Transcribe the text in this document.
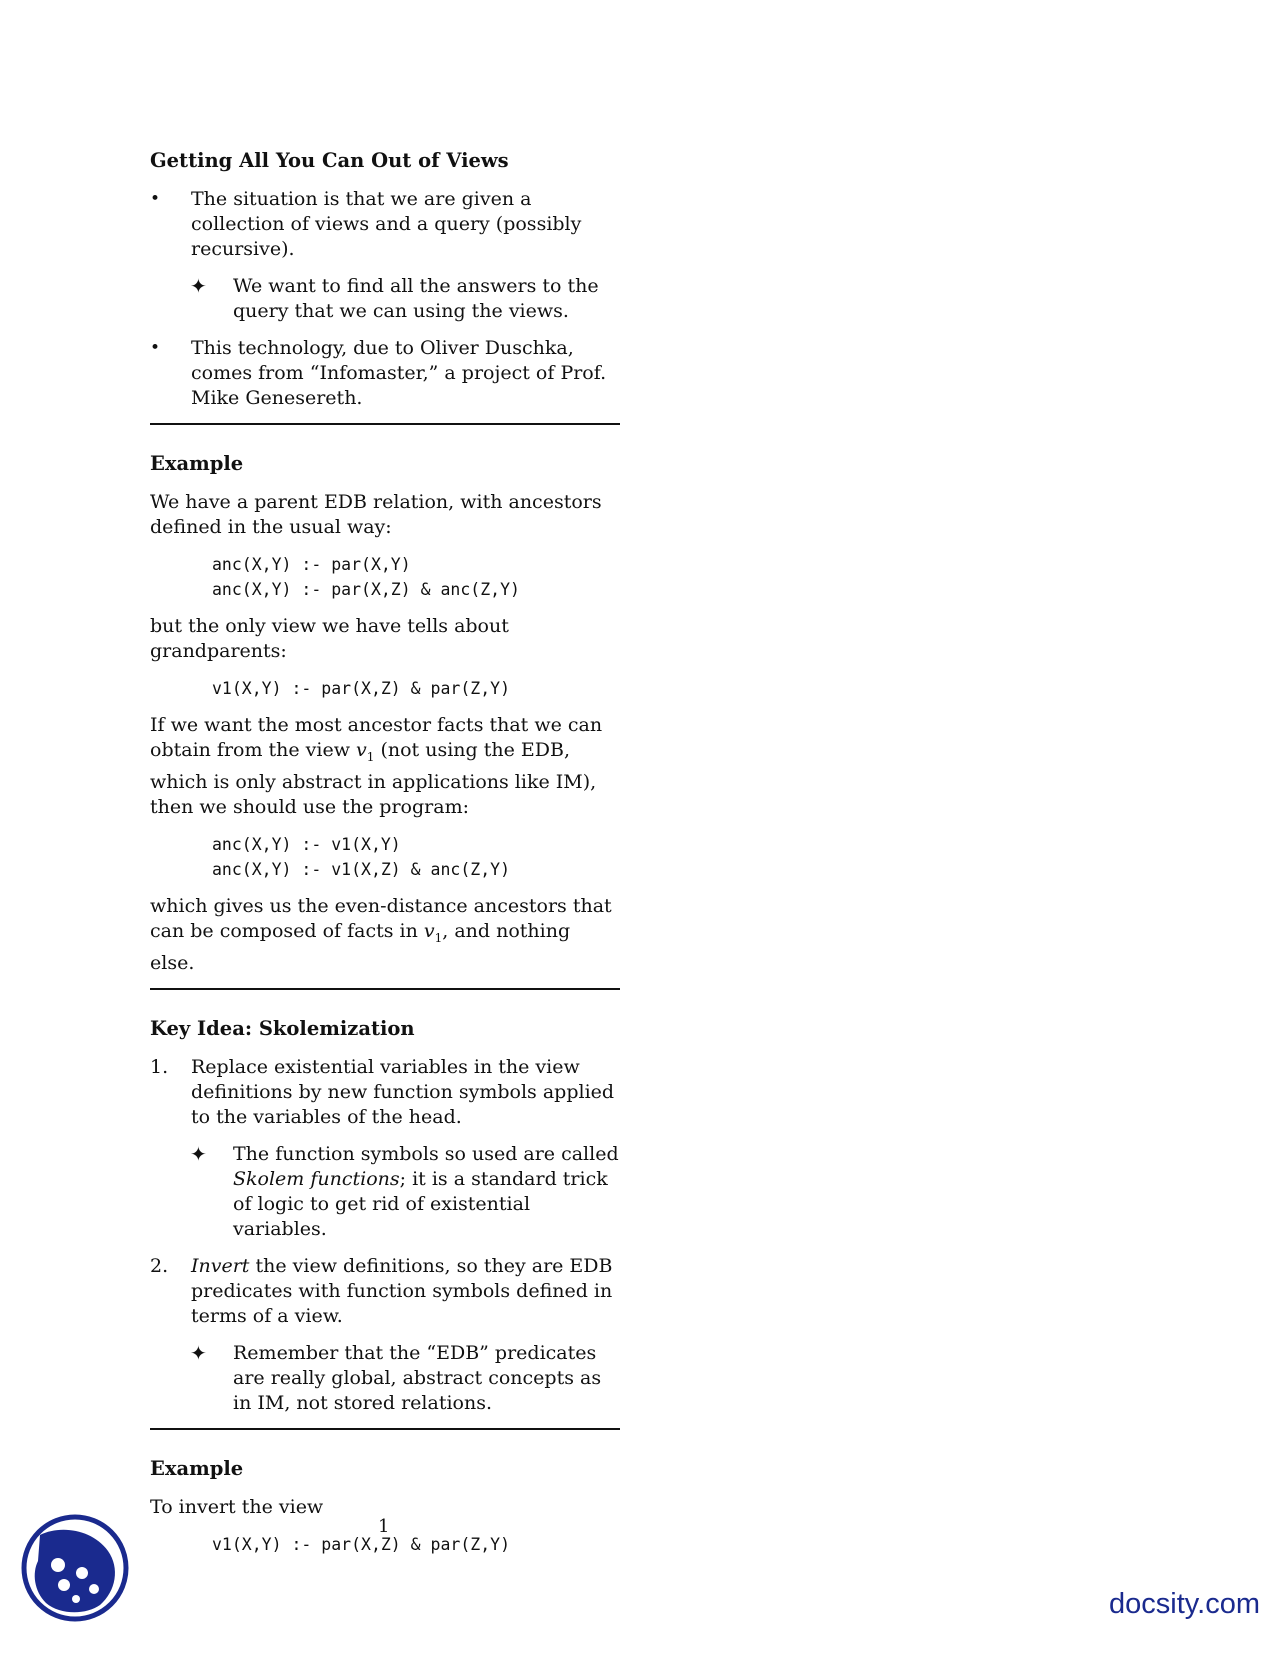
Getting All You Can Out of Views
•	The situation is that we are given a collection of views and a query (possibly recursive).
✦ We want to find all the answers to the query that we can using the views.
•	This technology, due to Oliver Duschka, comes from “Infomaster,” a project of Prof. Mike Genesereth.
Example
We have a parent EDB relation, with ancestors defined in the usual way:
anc(X,Y) :- par(X,Y)
anc(X,Y) :- par(X,Z) & anc(Z,Y)
but the only view we have tells about grandparents:
v1(X,Y) :- par(X,Z) & par(Z,Y)
If we want the most ancestor facts that we can obtain from the view $v_1$ (not using the EDB, which is only abstract in applications like IM), then we should use the program:
anc(X,Y) :- v1(X,Y)
anc(X,Y) :- v1(X,Z) & anc(Z,Y)
which gives us the even-distance ancestors that can be composed of facts in $v_1$, and nothing else.
Key Idea: Skolemization
1. Replace existential variables in the view definitions by new function symbols applied to the variables of the head.
✦ The function symbols so used are called Skolem functions; it is a standard trick of logic to get rid of existential variables.
2. Invert the view definitions, so they are EDB predicates with function symbols defined in terms of a view.
✦ Remember that the “EDB” predicates are really global, abstract concepts as in IM, not stored relations.
Example
To invert the view
v1(X,Y) :- par(X,Z) & par(Z,Y)
1
docsity.com
